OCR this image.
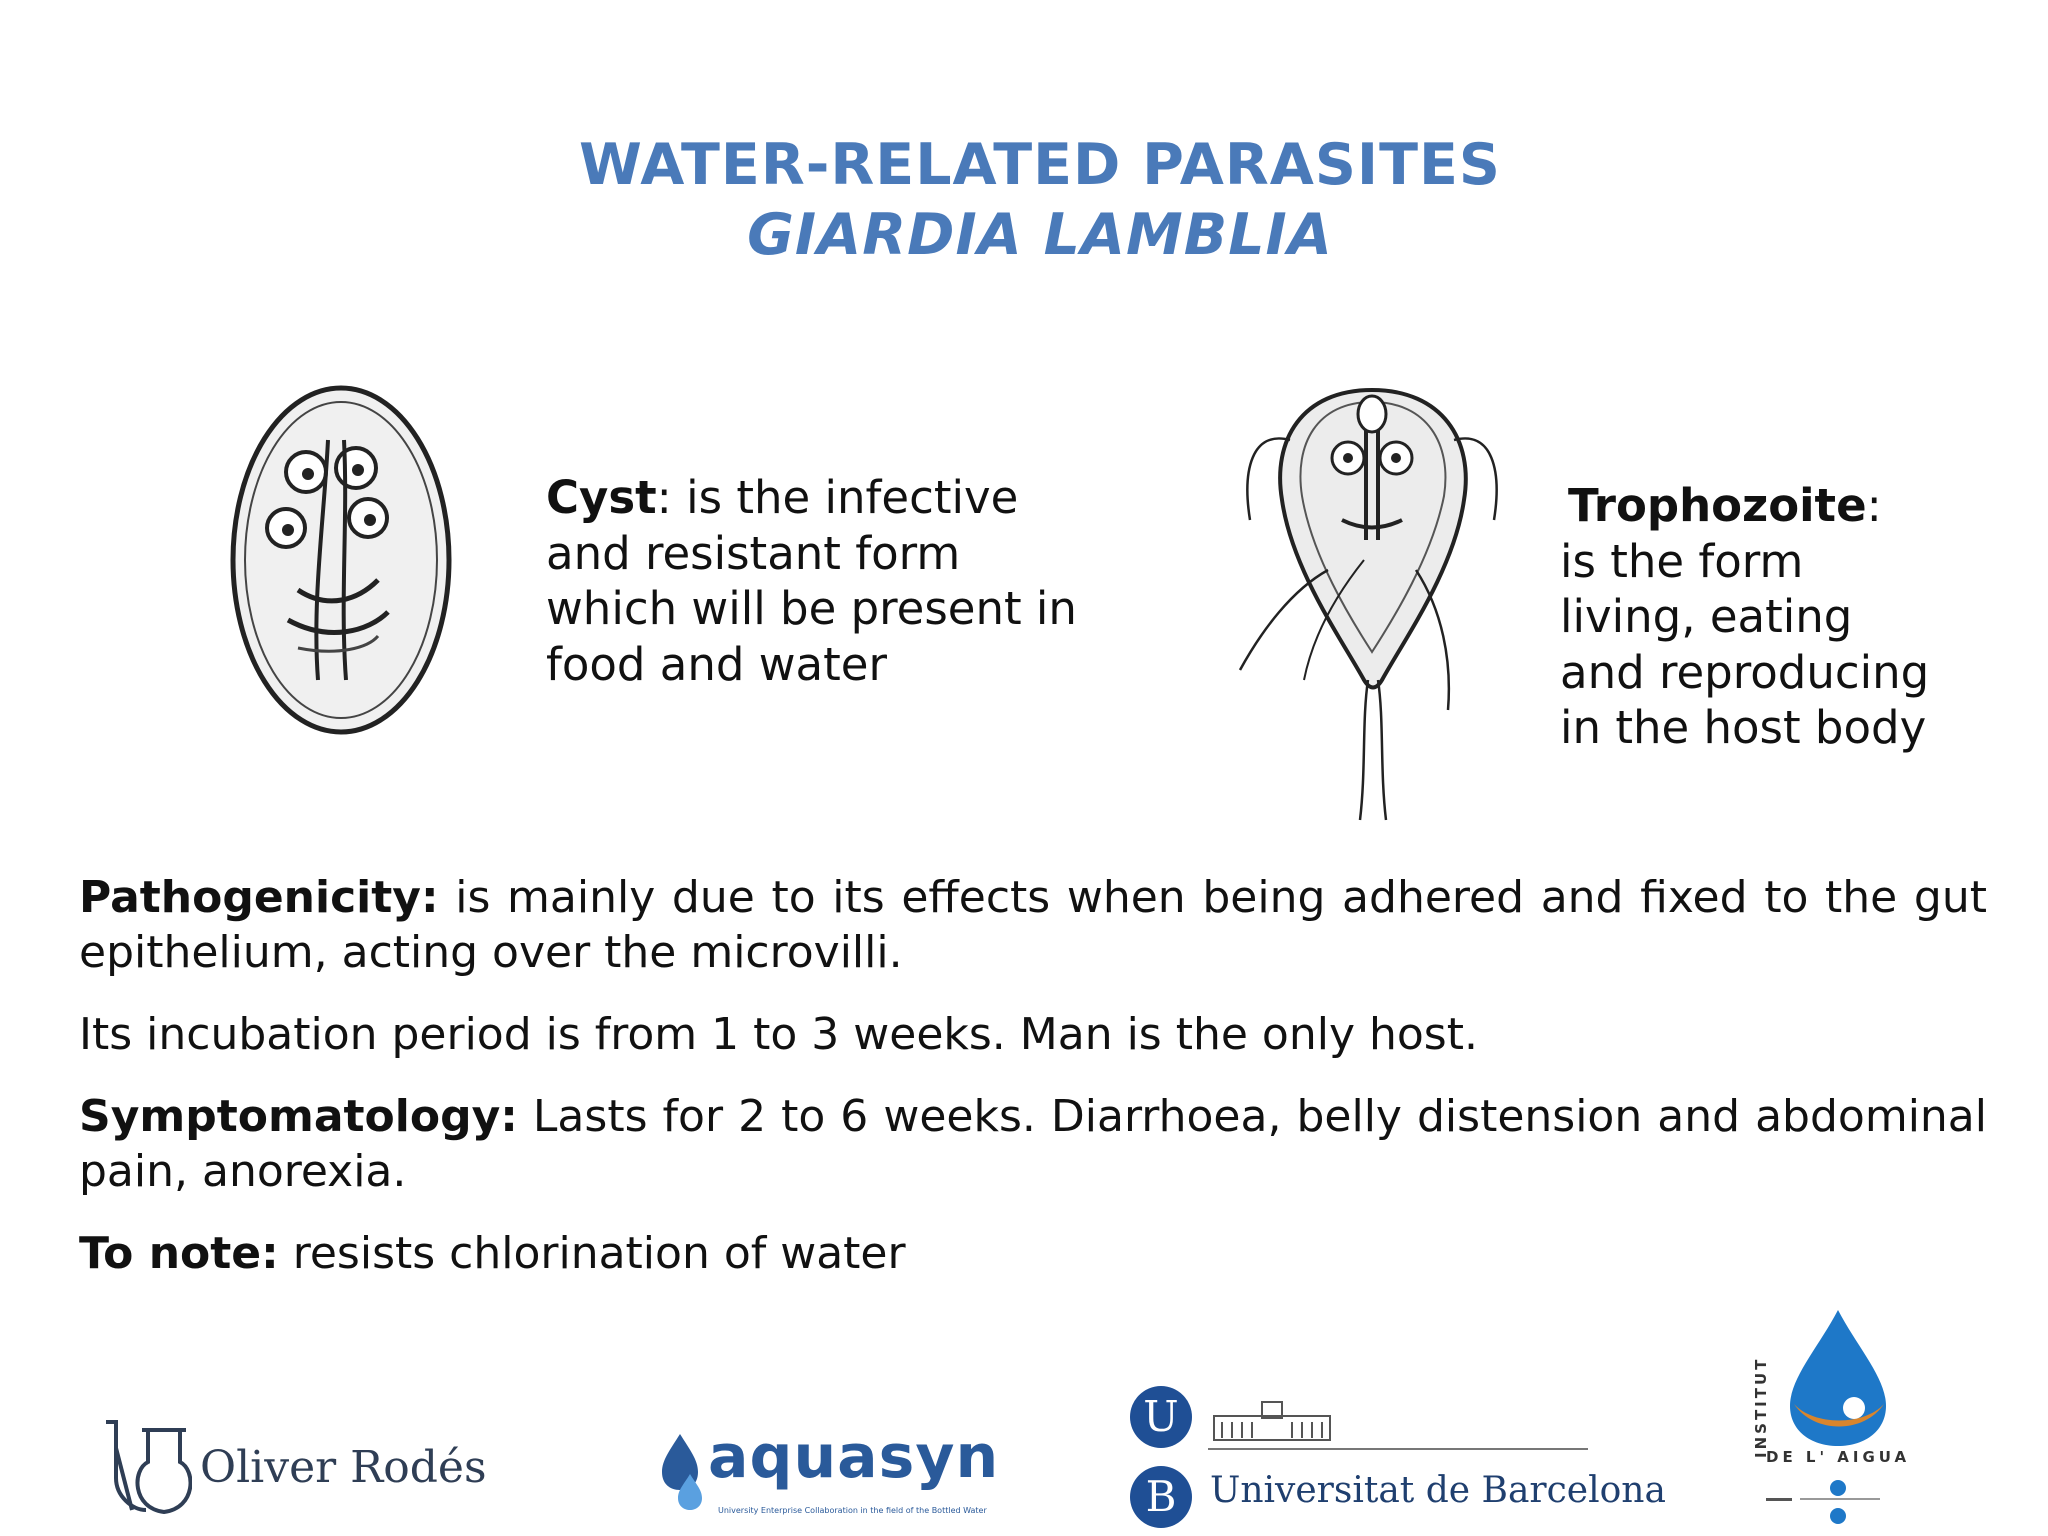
WATER-RELATED PARASITES
GIARDIA LAMBLIA
Cyst: is the infective
and resistant form
which will be present in
food and water
Trophozoite:
is the form
living, eating
and reproducing
in the host body

Pathogenicity: is mainly due to its effects when being adhered and fixed to the gut epithelium, acting over the microvilli.

Its incubation period is from 1 to 3 weeks. Man is the only host.

Symptomatology: Lasts for 2 to 6 weeks. Diarrhoea, belly distension and abdominal pain, anorexia.

To note: resists chlorination of water

Oliver Rodés	aquasyn
University Enterprise Collaboration in the field of the Bottled Water
U
B Universitat de Barcelona
INSTITUT
DE L' AIGUA
